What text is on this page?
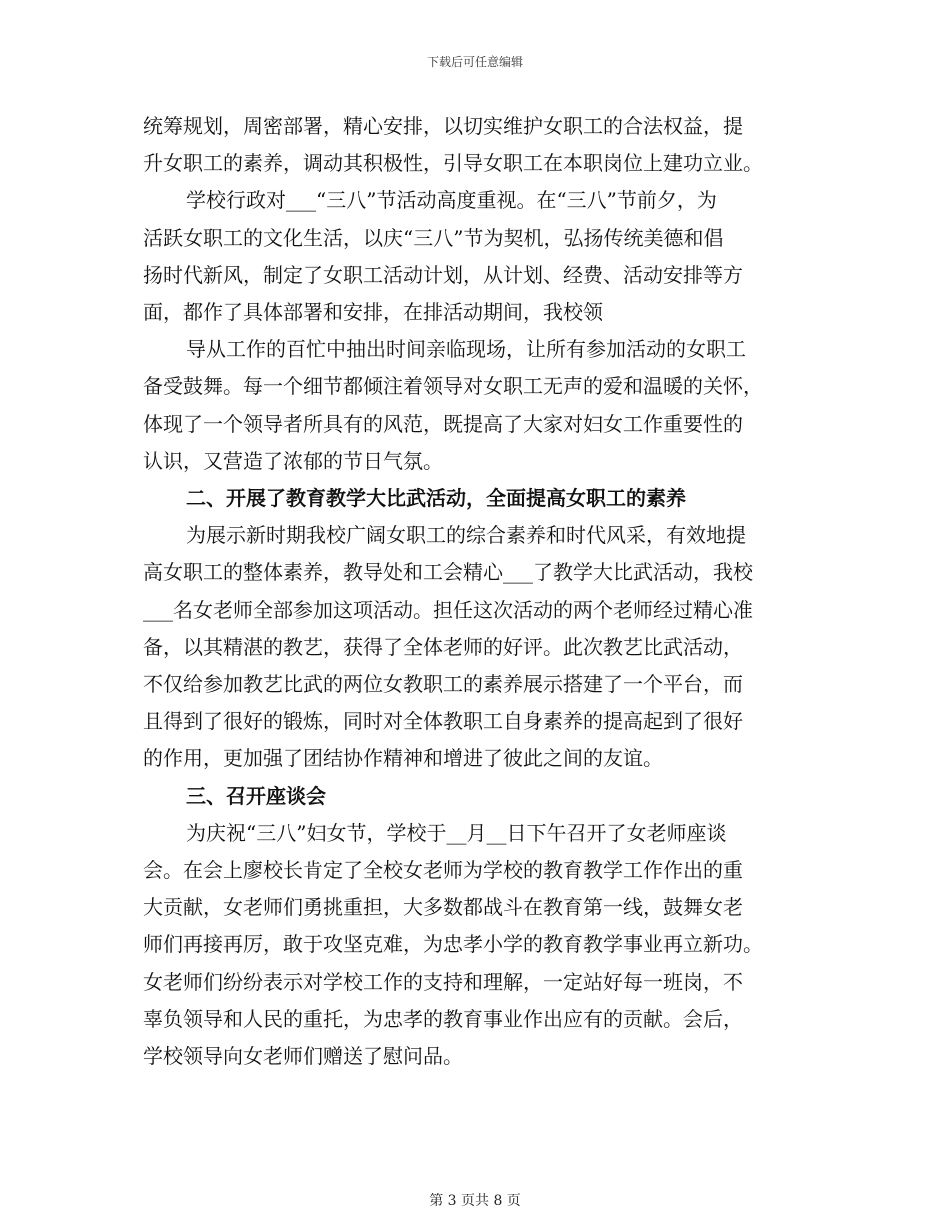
下载后可任意编辑
统筹规划，周密部署，精心安排，以切实维护女职工的合法权益，提
升女职工的素养，调动其积极性，引导女职工在本职岗位上建功立业。
学校行政对___“三八”节活动高度重视。在“三八”节前夕，为
活跃女职工的文化生活，以庆“三八”节为契机，弘扬传统美德和倡
扬时代新风，制定了女职工活动计划，从计划、经费、活动安排等方
面，都作了具体部署和安排，在排活动期间，我校领
导从工作的百忙中抽出时间亲临现场，让所有参加活动的女职工
备受鼓舞。每一个细节都倾注着领导对女职工无声的爱和温暖的关怀，
体现了一个领导者所具有的风范，既提高了大家对妇女工作重要性的
认识，又营造了浓郁的节日气氛。
二、开展了教育教学大比武活动，全面提高女职工的素养
为展示新时期我校广阔女职工的综合素养和时代风采，有效地提
高女职工的整体素养，教导处和工会精心___了教学大比武活动，我校
___名女老师全部参加这项活动。担任这次活动的两个老师经过精心准
备，以其精湛的教艺，获得了全体老师的好评。此次教艺比武活动，
不仅给参加教艺比武的两位女教职工的素养展示搭建了一个平台，而
且得到了很好的锻炼，同时对全体教职工自身素养的提高起到了很好
的作用，更加强了团结协作精神和增进了彼此之间的友谊。
三、召开座谈会
为庆祝“三八”妇女节，学校于__月__日下午召开了女老师座谈
会。在会上廖校长肯定了全校女老师为学校的教育教学工作作出的重
大贡献，女老师们勇挑重担，大多数都战斗在教育第一线，鼓舞女老
师们再接再厉，敢于攻坚克难，为忠孝小学的教育教学事业再立新功。
女老师们纷纷表示对学校工作的支持和理解，一定站好每一班岗，不
辜负领导和人民的重托，为忠孝的教育事业作出应有的贡献。会后，
学校领导向女老师们赠送了慰问品。
第 3 页共 8 页
